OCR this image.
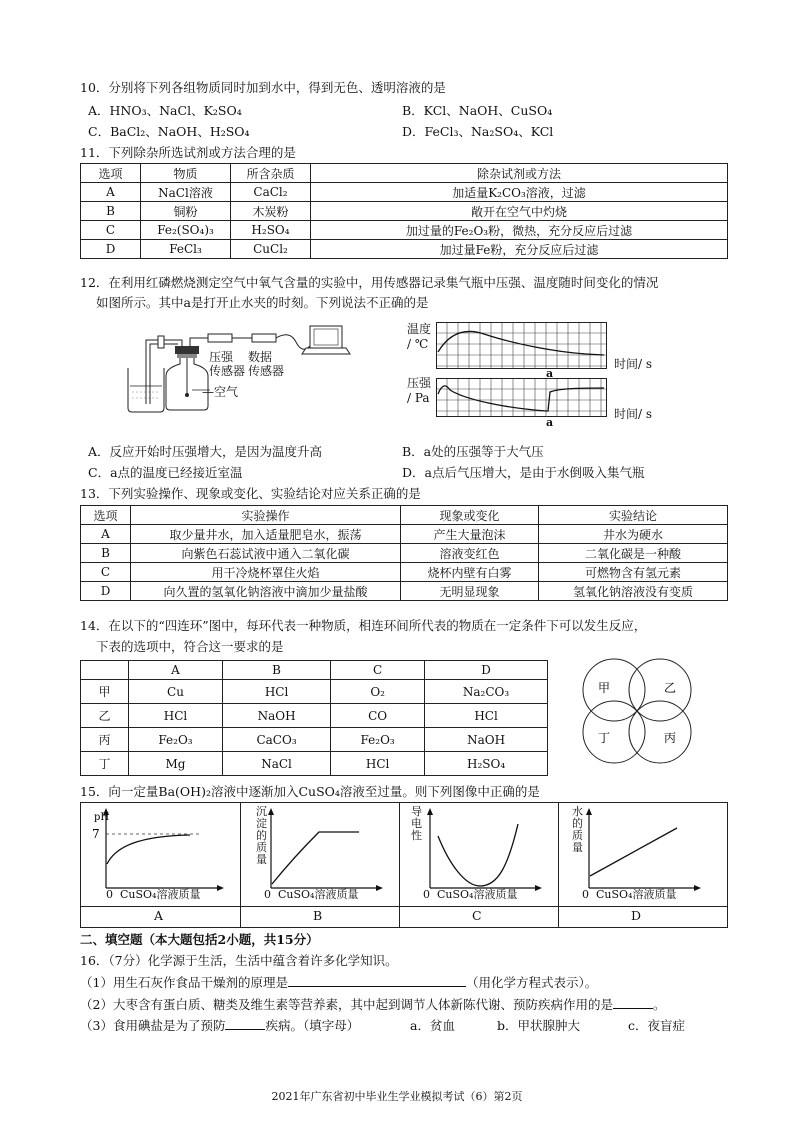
10．分别将下列各组物质同时加到水中，得到无色、透明溶液的是
A．HNO₃、NaCl、K₂SO₄	B．KCl、NaOH、CuSO₄
C．BaCl₂、NaOH、H₂SO₄	D．FeCl₃、Na₂SO₄、KCl
11．下列除杂所选试剂或方法合理的是
选项	物质	所含杂质	除杂试剂或方法
A	NaCl溶液	CaCl₂	加适量K₂CO₃溶液，过滤
B	铜粉	木炭粉	敞开在空气中灼烧
C	Fe₂(SO₄)₃	H₂SO₄	加过量的Fe₂O₃粉，微热，充分反应后过滤
D	FeCl₃	CuCl₂	加过量Fe粉，充分反应后过滤
12．在利用红磷燃烧测定空气中氧气含量的实验中，用传感器记录集气瓶中压强、温度随时间变化的情况
如图所示。其中a是打开止水夹的时刻。下列说法不正确的是
压强
传感器
数据
传感器
—空气
温度
/ ℃
时间/ s
a
压强
/ Pa
时间/ s
a
A．反应开始时压强增大，是因为温度升高	B．a处的压强等于大气压
C．a点的温度已经接近室温	D．a点后气压增大，是由于水倒吸入集气瓶
13．下列实验操作、现象或变化、实验结论对应关系正确的是
选项	实验操作	现象或变化	实验结论
A	取少量井水，加入适量肥皂水，振荡	产生大量泡沫	井水为硬水
B	向紫色石蕊试液中通入二氧化碳	溶液变红色	二氧化碳是一种酸
C	用干冷烧杯罩住火焰	烧杯内壁有白雾	可燃物含有氢元素
D	向久置的氢氧化钠溶液中滴加少量盐酸	无明显现象	氢氧化钠溶液没有变质
14．在以下的“四连环”图中，每环代表一种物质，相连环间所代表的物质在一定条件下可以发生反应，
下表的选项中，符合这一要求的是
	A	B	C	D
甲	Cu	HCl	O₂	Na₂CO₃
乙	HCl	NaOH	CO	HCl
丙	Fe₂O₃	CaCO₃	Fe₂O₃	NaOH
丁	Mg	NaCl	HCl	H₂SO₄
甲	乙
丁	丙
15．向一定量Ba(OH)₂溶液中逐渐加入CuSO₄溶液至过量。则下列图像中正确的是
pH
7
沉
淀
的
质
量
导
电
性
水
的
质
量
0 CuSO₄溶液质量	0 CuSO₄溶液质量	0 CuSO₄溶液质量	0 CuSO₄溶液质量
A	B	C	D
二、填空题（本大题包括2小题，共15分）
16．（7分）化学源于生活，生活中蕴含着许多化学知识。
（1）用生石灰作食品干燥剂的原理是	（用化学方程式表示）。
（2）大枣含有蛋白质、糖类及维生素等营养素，其中起到调节人体新陈代谢、预防疾病作用的是	。
（3）食用碘盐是为了预防	疾病。（填字母）	a．贫血	b．甲状腺肿大	c．夜盲症
2021年广东省初中毕业生学业模拟考试（6）第2页
